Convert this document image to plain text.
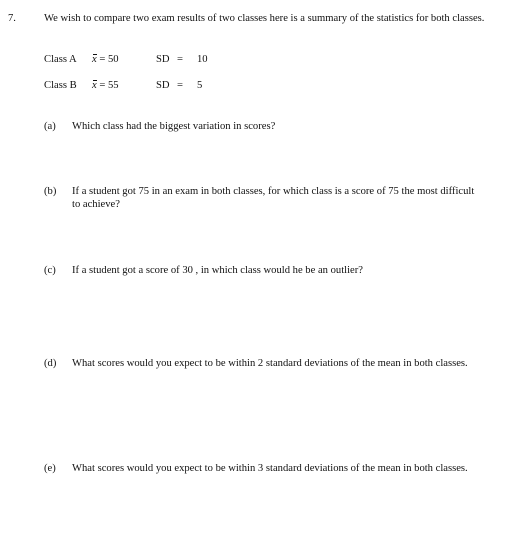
7.	We wish to compare two exam results of two classes here is a summary of the statistics for both classes.
Class A x = 50	SD = 10
Class B x = 55	SD = 5
(a) Which class had the biggest variation in scores?
(b) If a student got 75 in an exam in both classes, for which class is a score of 75 the most difficult to achieve?
(c) If a student got a score of 30 , in which class would he be an outlier?
(d) What scores would you expect to be within 2 standard deviations of the mean in both classes.
(e) What scores would you expect to be within 3 standard deviations of the mean in both classes.
